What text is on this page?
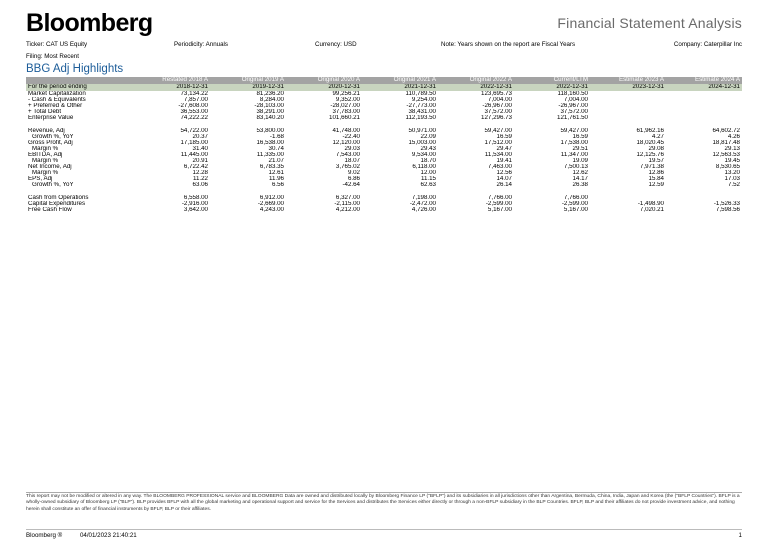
Bloomberg	Financial Statement Analysis
Ticker: CAT US Equity	Periodicity: Annuals	Currency: USD	Note: Years shown on the report are Fiscal Years	Company: Caterpillar Inc
Filing: Most Recent
BBG Adj Highlights
	Restated 2018 A	Original 2019 A	Original 2020 A	Original 2021 A	Original 2022 A	Current/LTM	Estimate 2023 A	Estimate 2024 A
For the period ending	2018-12-31	2019-12-31	2020-12-31	2021-12-31	2022-12-31	2022-12-31	2023-12-31	2024-12-31
Market Capitalization	73,134.22	81,236.20	99,256.21	110,789.50	123,695.73	118,160.50		
- Cash & Equivalents	7,857.00	8,284.00	9,352.00	9,254.00	7,004.00	7,004.00		
+ Preferred & Other	-27,608.00	-28,103.00	-28,027.00	-27,773.00	-26,967.00	-26,967.00		
+ Total Debt	36,553.00	38,291.00	37,783.00	38,431.00	37,572.00	37,572.00		
Enterprise Value	74,222.22	83,140.20	101,660.21	112,193.50	127,296.73	121,761.50		

Revenue, Adj	54,722.00	53,800.00	41,748.00	50,971.00	59,427.00	59,427.00	61,962.16	64,602.72
Growth %, YoY	20.37	-1.68	-22.40	22.09	16.59	16.59	4.27	4.26
Gross Profit, Adj	17,185.00	16,538.00	12,120.00	15,003.00	17,512.00	17,538.00	18,020.45	18,817.48
Margin %	31.40	30.74	29.03	29.43	29.47	29.51	29.08	29.13
EBITDA, Adj	11,445.00	11,335.00	7,543.00	9,534.00	11,534.00	11,347.00	12,125.76	12,563.53
Margin %	20.91	21.07	18.07	18.70	19.41	19.09	19.57	19.45
Net Income, Adj	6,722.42	6,783.35	3,765.02	6,118.00	7,463.00	7,500.13	7,971.38	8,530.65
Margin %	12.28	12.61	9.02	12.00	12.56	12.62	12.86	13.20
EPS, Adj	11.22	11.96	6.86	11.15	14.07	14.17	15.84	17.03
Growth %, YoY	63.06	6.56	-42.64	62.63	26.14	26.38	12.59	7.52

Cash from Operations	6,558.00	6,912.00	6,327.00	7,198.00	7,766.00	7,766.00		
Capital Expenditures	-2,916.00	-2,669.00	-2,115.00	-2,472.00	-2,599.00	-2,599.00	-1,498.90	-1,526.33
Free Cash Flow	3,642.00	4,243.00	4,212.00	4,726.00	5,167.00	5,167.00	7,020.21	7,598.56
This report may not be modified or altered in any way. The BLOOMBERG PROFESSIONAL service and BLOOMBERG Data are owned and distributed locally by Bloomberg Finance LP ("BFLP") and its subsidiaries in all jurisdictions other than Argentina, Bermuda, China, India, Japan and Korea (the ("BFLP Countries"). BFLP is a wholly-owned subsidiary of Bloomberg LP ("BLP"). BLP provides BFLP with all the global marketing and operational support and service for the Services and distributes the Services either directly or through a non-BFLP subsidiary in the BLP Countries. BFLP, BLP and their affiliates do not provide investment advice, and nothing herein shall constitute an offer of financial instruments by BFLP, BLP or their affiliates.
Bloomberg ®	04/01/2023 21:40:21	1
